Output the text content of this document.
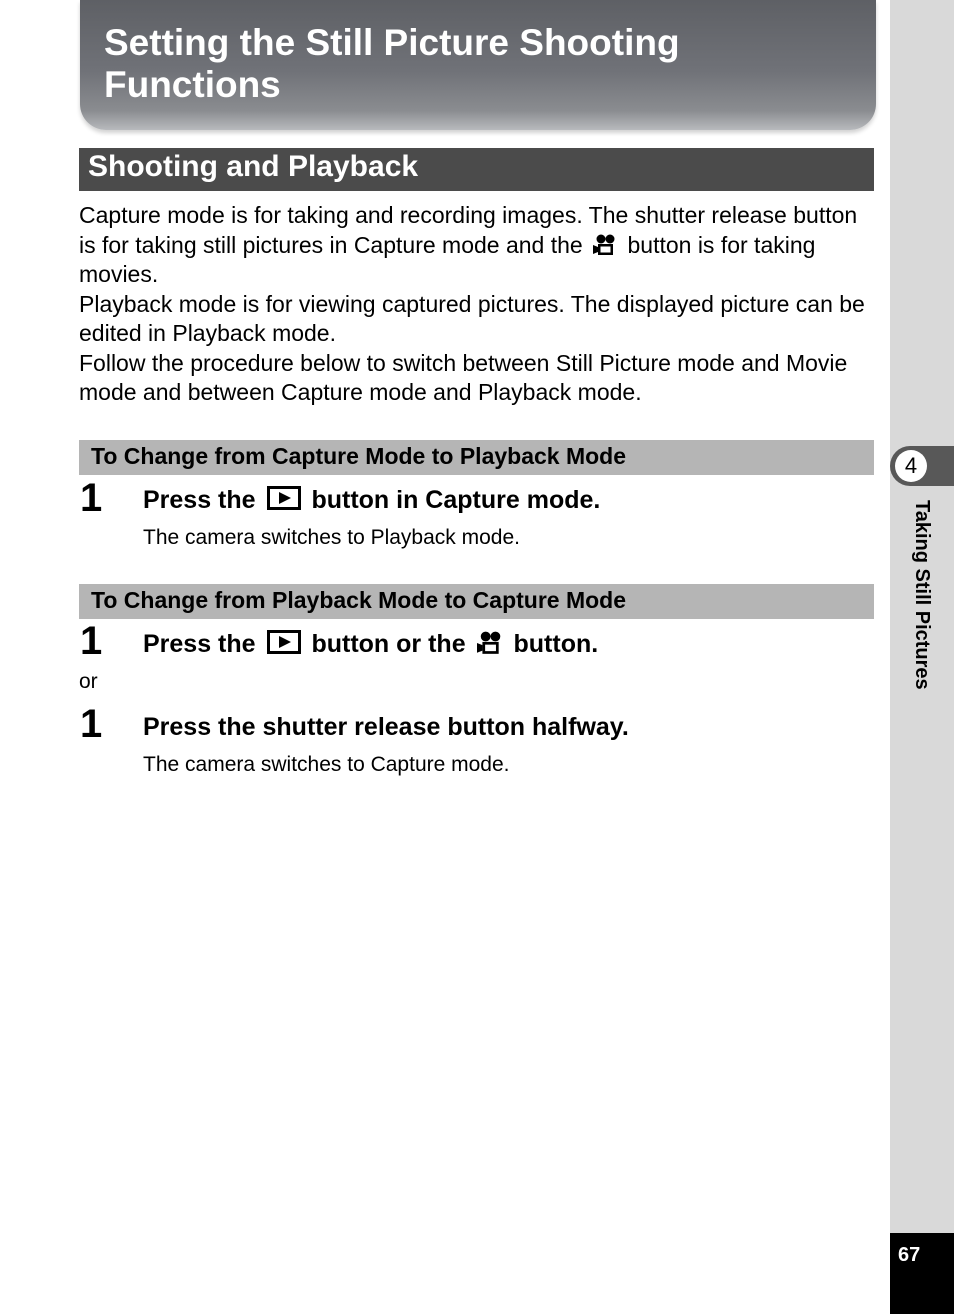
Setting the Still Picture Shooting Functions
Shooting and Playback

Capture mode is for taking and recording images. The shutter release button is for taking still pictures in Capture mode and the button is for taking movies.

Playback mode is for viewing captured pictures. The displayed picture can be edited in Playback mode.

Follow the procedure below to switch between Still Picture mode and Movie mode and between Capture mode and Playback mode.

To Change from Capture Mode to Playback Mode
1 Press the button in Capture mode.
The camera switches to Playback mode.
To Change from Playback Mode to Capture Mode
1 Press the button or the button.
or
1 Press the shutter release button halfway.
The camera switches to Capture mode.
4
Taking Still Pictures
67
